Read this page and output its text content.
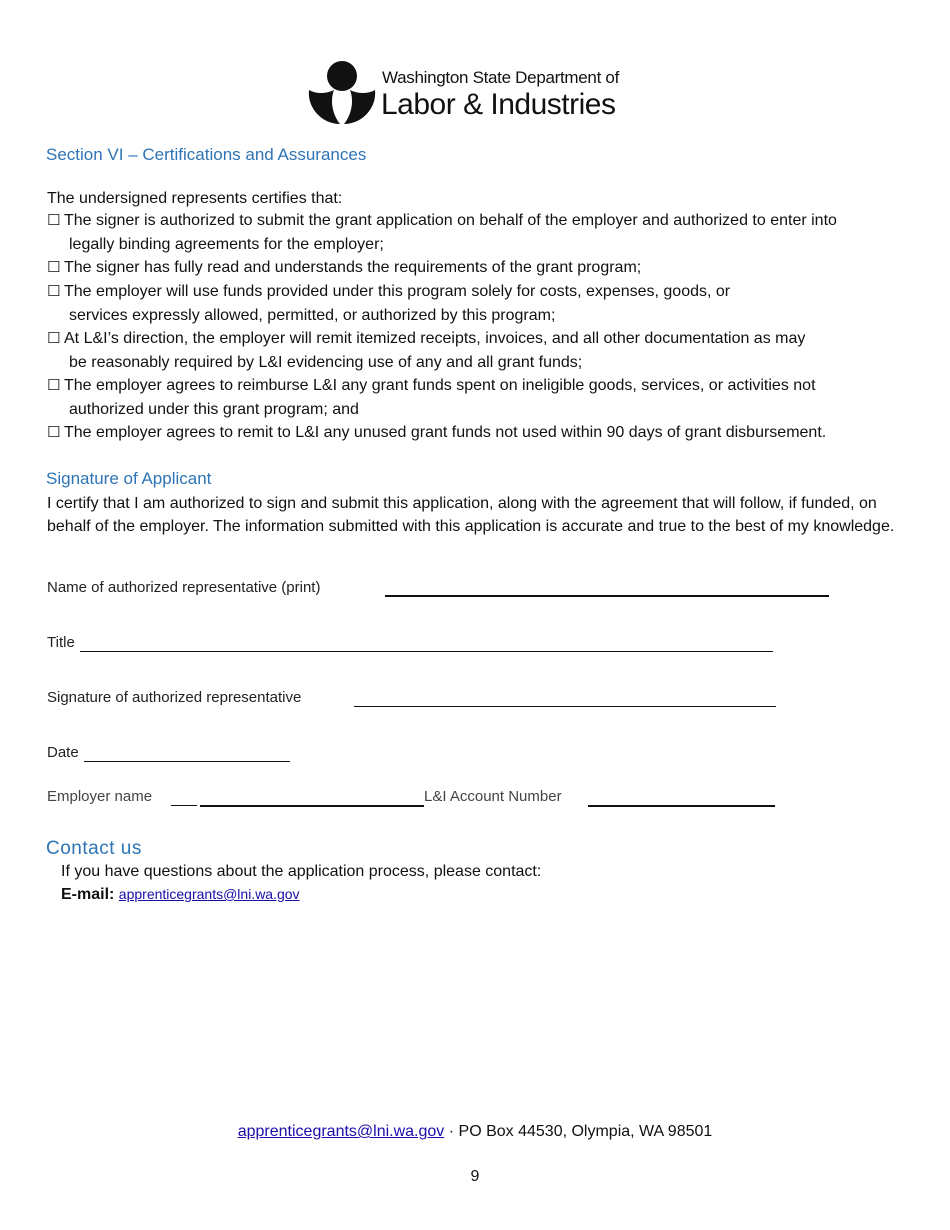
Washington State Department of
Labor & Industries
Section VI – Certifications and Assurances
The undersigned represents certifies that:
☐ The signer is authorized to submit the grant application on behalf of the employer and authorized to enter into
legally binding agreements for the employer;
☐ The signer has fully read and understands the requirements of the grant program;
☐ The employer will use funds provided under this program solely for costs, expenses, goods, or
services expressly allowed, permitted, or authorized by this program;
☐ At L&I’s direction, the employer will remit itemized receipts, invoices, and all other documentation as may
be reasonably required by L&I evidencing use of any and all grant funds;
☐ The employer agrees to reimburse L&I any grant funds spent on ineligible goods, services, or activities not
authorized under this grant program; and
☐ The employer agrees to remit to L&I any unused grant funds not used within 90 days of grant disbursement.
Signature of Applicant
I certify that I am authorized to sign and submit this application, along with the agreement that will follow, if funded, on behalf of the employer. The information submitted with this application is accurate and true to the best of my knowledge.
Name of authorized representative (print)
Title
Signature of authorized representative
Date
Employer name	L&I Account Number
Contact us
If you have questions about the application process, please contact:
E-mail: apprenticegrants@lni.wa.gov
apprenticegrants@lni.wa.gov · PO Box 44530, Olympia, WA 98501
9
